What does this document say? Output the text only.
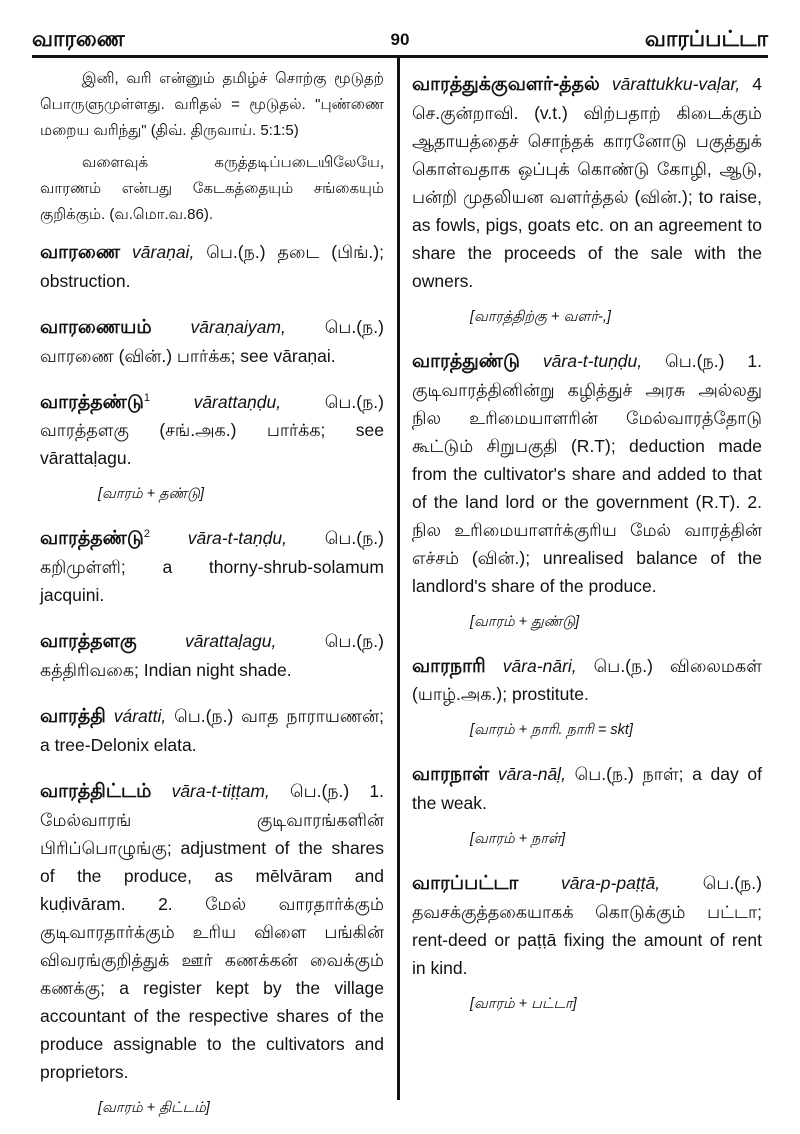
வாரணை	90	வாரப்பட்டா

இனி, வரி என்னும் தமிழ்ச் சொற்கு மூடுதற் பொருளுமுள்ளது. வரிதல் = மூடுதல். "புண்ணை மறைய வரிந்து" (திவ். திருவாய். 5:1:5)

வளைவுக் கருத்தடிப்படையிலேயே, வாரணம் என்பது கேடகத்தையும் சங்கையும் குறிக்கும். (வ.மொ.வ.86).

வாரணை vāraṇai, பெ.(ந.) தடை (பிங்.); obstruction.
வாரணையம் vāraṇaiyam, பெ.(ந.) வாரணை (வின்.) பார்க்க; see vāraṇai.
வாரத்தண்டு$^1$ vārattaṇḍu, பெ.(ந.) வாரத்தளகு (சங்.அக.) பார்க்க; see vārattaḷagu.
[வாரம் + தண்டு]
வாரத்தண்டு$^2$ vāra-t-taṇḍu, பெ.(ந.) கறிமுள்ளி; a thorny-shrub-solamum jacquini.
வாரத்தளகு	vārattaḷagu,	பெ.(ந.) கத்திரிவகை; Indian night shade.
வாரத்தி váratti, பெ.(ந.) வாத நாராயணன்; a tree-Delonix elata.
வாரத்திட்டம் vāra-t-tiṭṭam, பெ.(ந.) 1. மேல்வாரங் குடிவாரங்களின் பிரிப்பொழுங்கு; adjustment of the shares of the produce, as mēlvāram and kuḍivāram. 2. மேல் வாரதார்க்கும் குடிவாரதார்க்கும் உரிய விளை பங்கின் விவரங்குறித்துக் ஊர் கணக்கன் வைக்கும் கணக்கு; a register kept by the village accountant of the respective shares of the produce assignable to the cultivators and proprietors.
[வாரம் + திட்டம்]
வாரத்துக்குவளர்-த்தல் vārattukku-vaḷar, 4 செ.குன்றாவி. (v.t.) விற்பதாற் கிடைக்கும் ஆதாயத்தைச் சொந்தக் காரனோடு பகுத்துக் கொள்வதாக ஒப்புக் கொண்டு கோழி, ஆடு, பன்றி முதலியன வளர்த்தல் (வின்.); to raise, as fowls, pigs, goats etc. on an agreement to share the proceeds of the sale with the owners.
[வாரத்திற்கு + வளர்-,]
வாரத்துண்டு vāra-t-tuṇḍu, பெ.(ந.) 1. குடிவாரத்தினின்று கழித்துச் அரசு அல்லது நில உரிமையாளரின் மேல்வாரத்தோடு கூட்டும் சிறுபகுதி (R.T); deduction made from the cultivator's share and added to that of the land lord or the government (R.T). 2. நில உரிமையாளர்க்குரிய மேல் வாரத்தின் எச்சம் (வின்.); unrealised balance of the landlord's share of the produce.
[வாரம் + துண்டு]
வாரநாரி vāra-nāri, பெ.(ந.) விலைமகள் (யாழ்.அக.); prostitute.
[வாரம் + நாரி. நாரி = skt]
வாரநாள் vāra-nāḷ, பெ.(ந.) நாள்; a day of the weak.
[வாரம் + நாள்]
வாரப்பட்டா vāra-p-paṭṭā, பெ.(ந.) தவசக்குத்தகையாகக் கொடுக்கும் பட்டா; rent-deed or paṭṭā fixing the amount of rent in kind.
[வாரம் + பட்டா]
